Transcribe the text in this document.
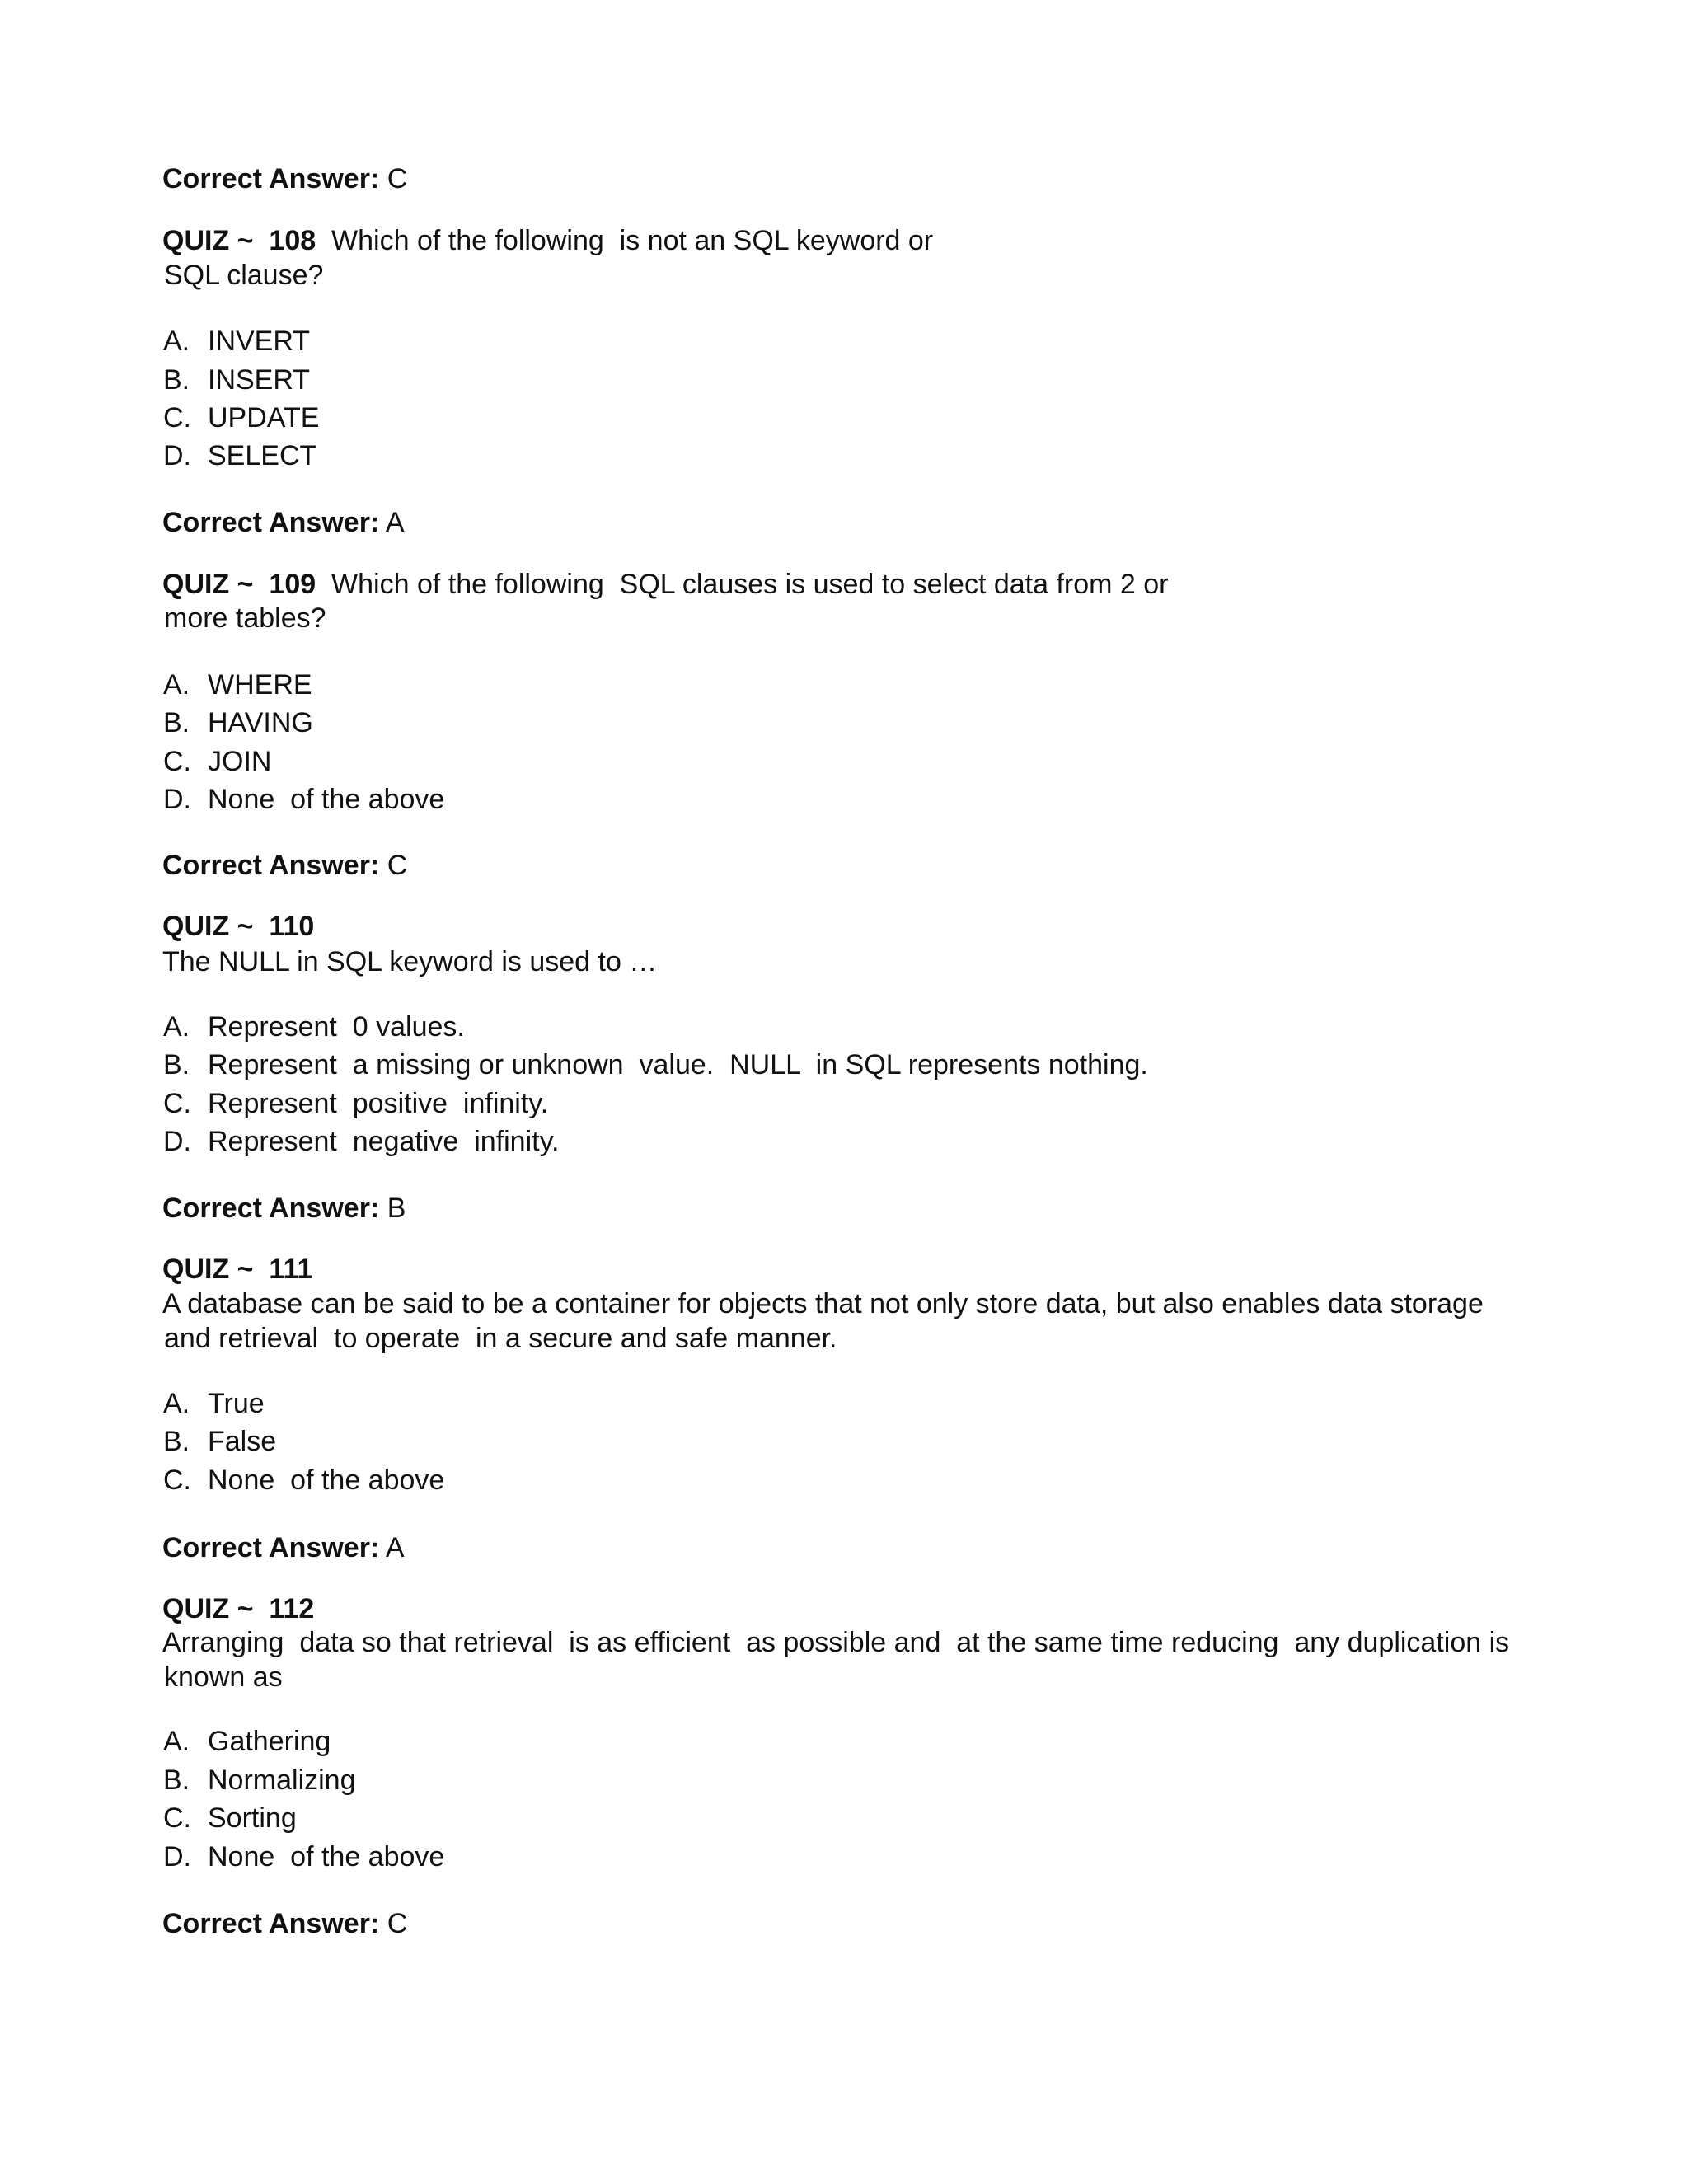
Correct Answer: C
QUIZ ~  108 Which of the following  is not an SQL keyword or
SQL clause?
A. INVERT
B. INSERT
C. UPDATE
D. SELECT
Correct Answer: A
QUIZ ~  109 Which of the following  SQL clauses is used to select data from 2 or
more tables?
A. WHERE
B. HAVING
C. JOIN
D. None  of the above
Correct Answer: C
QUIZ ~  110
The NULL in SQL keyword is used to …
A. Represent  0 values.
B. Represent  a missing or unknown  value.  NULL  in SQL represents nothing.
C. Represent  positive  infinity.
D. Represent  negative  infinity.
Correct Answer: B
QUIZ ~  111
A database can be said to be a container for objects that not only store data, but also enables data storage
and retrieval  to operate  in a secure and safe manner.
A. True
B. False
C. None  of the above
Correct Answer: A
QUIZ ~  112
Arranging  data so that retrieval  is as efficient  as possible and  at the same time reducing  any duplication is
known as
A. Gathering
B. Normalizing
C. Sorting
D. None  of the above
Correct Answer: C
